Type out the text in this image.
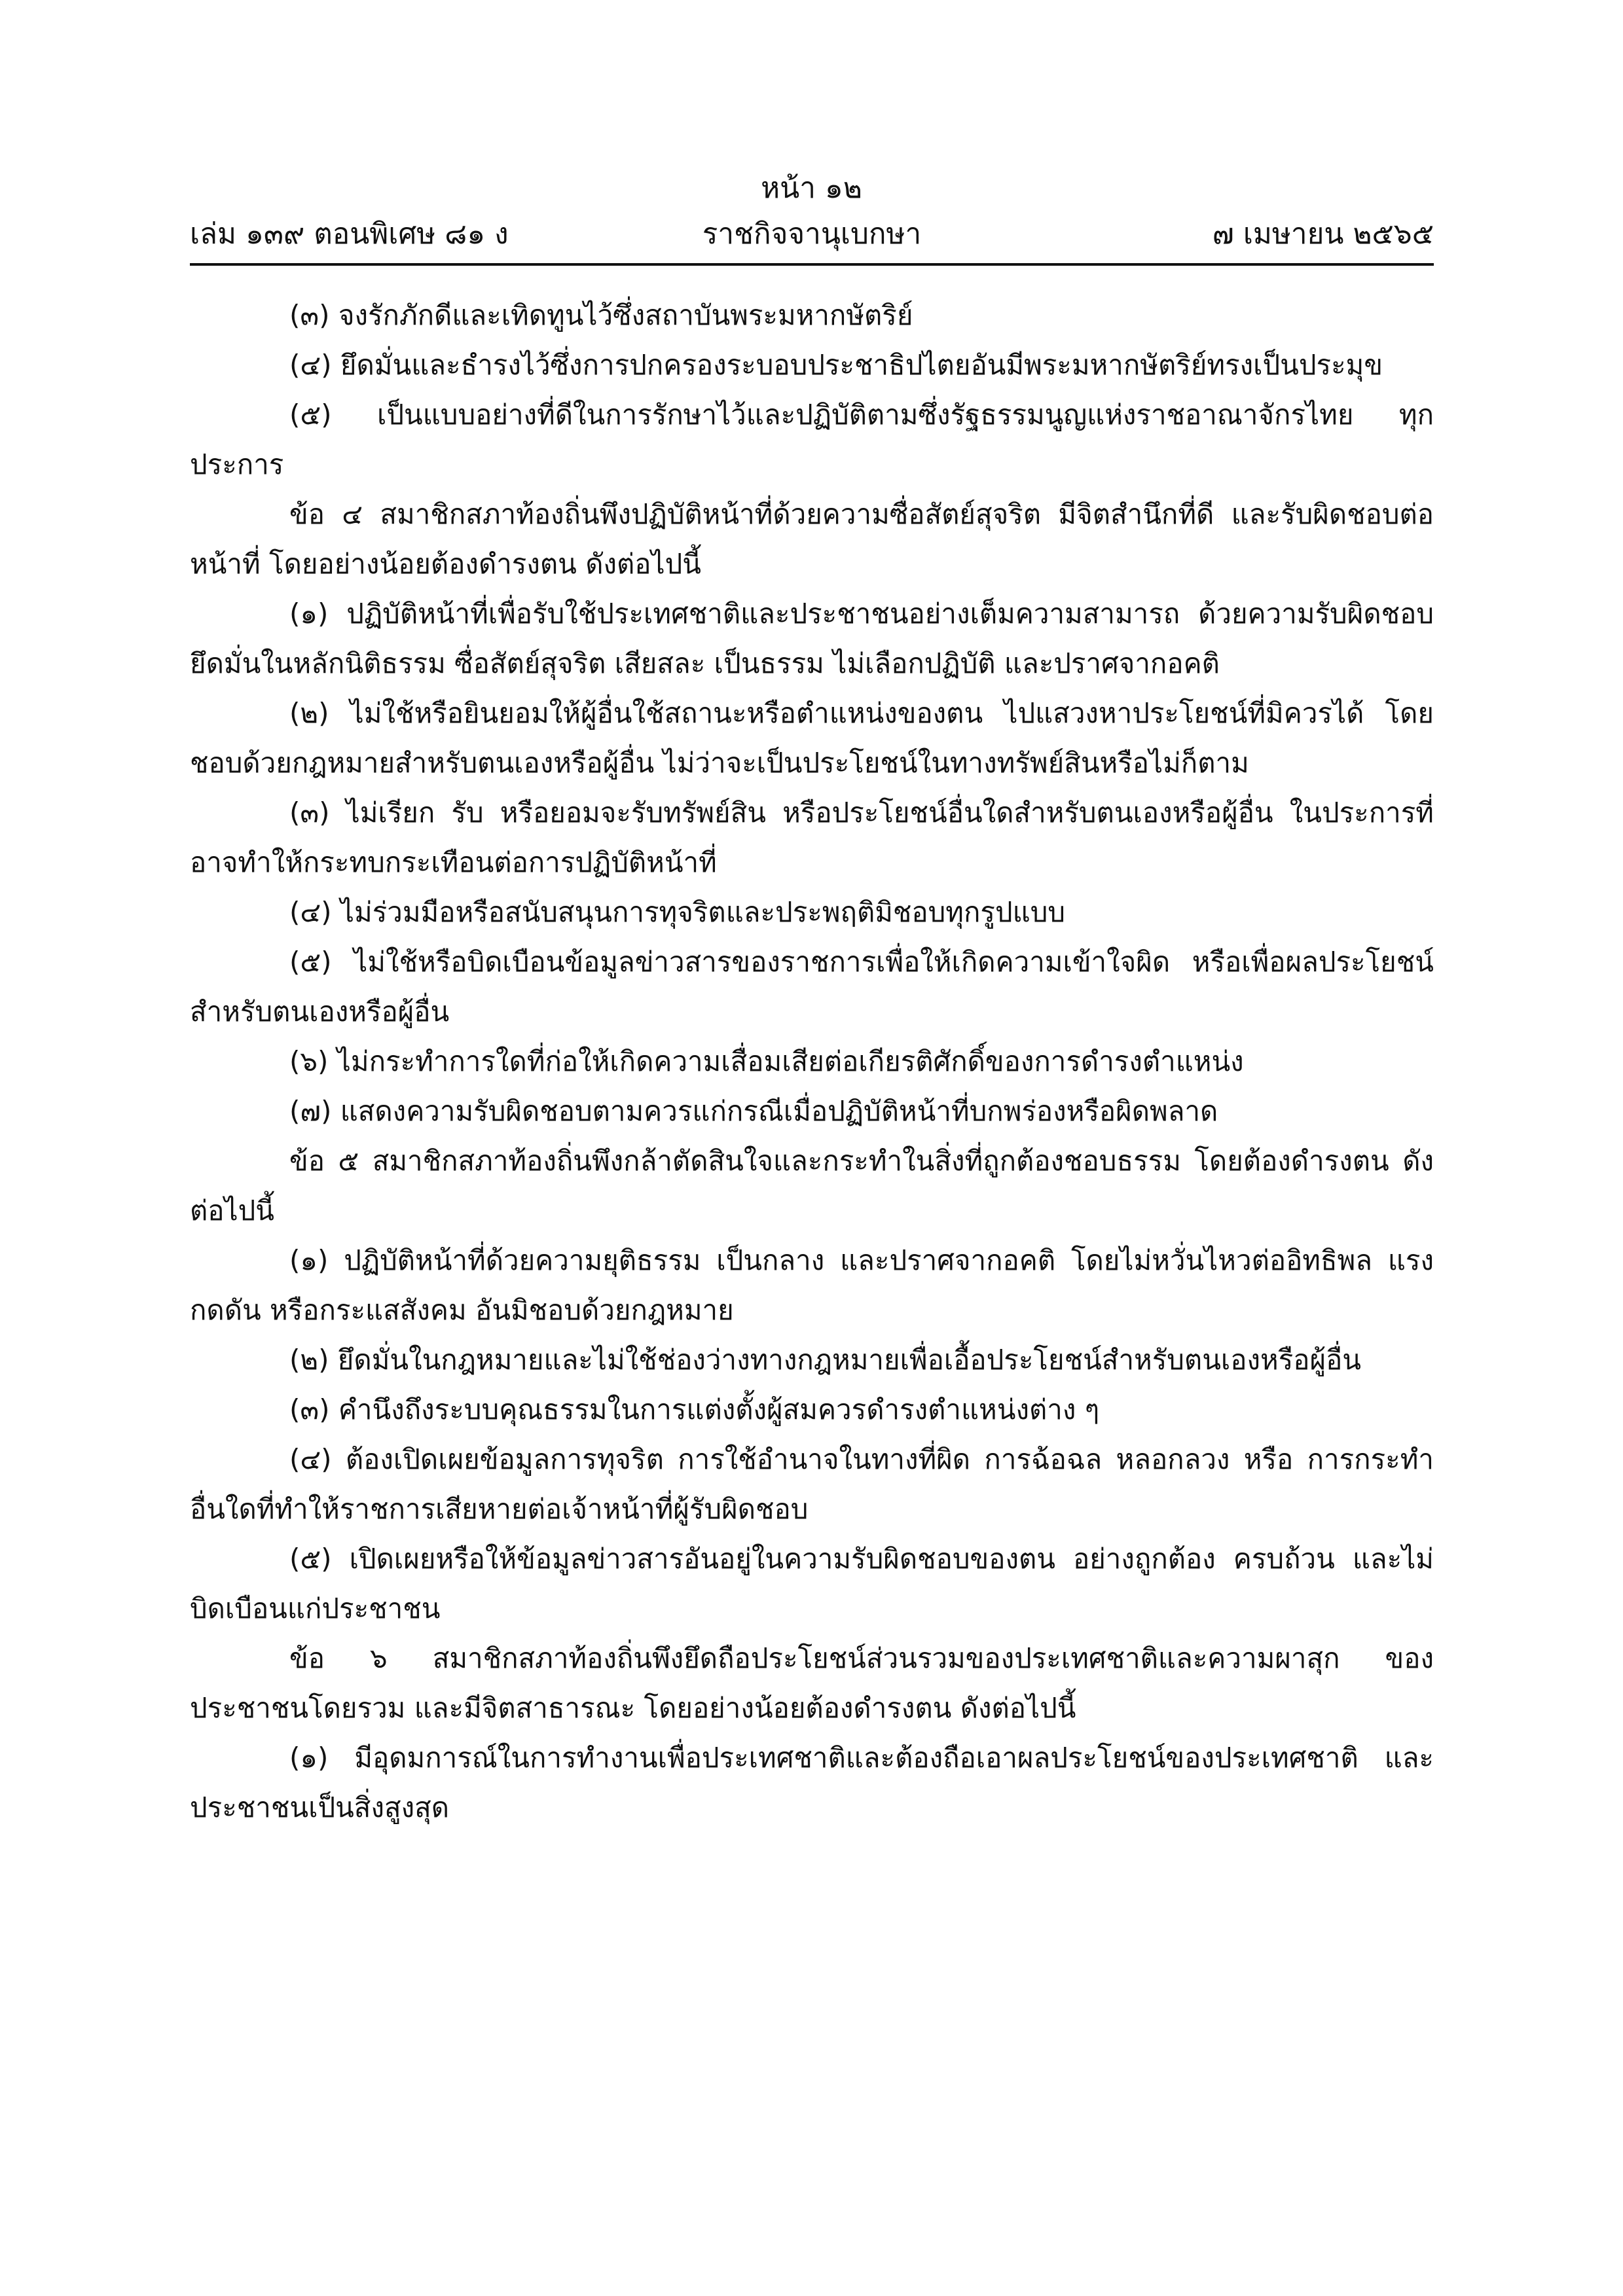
หน้า ๑๒
ราชกิจจานุเบกษา
เล่ม ๑๓๙ ตอนพิเศษ ๘๑ ง	๗ เมษายน ๒๕๖๕

(๓) จงรักภักดีและเทิดทูนไว้ซึ่งสถาบันพระมหากษัตริย์

(๔) ยึดมั่นและธำรงไว้ซึ่งการปกครองระบอบประชาธิปไตยอันมีพระมหากษัตริย์ทรงเป็นประมุข

(๕) เป็นแบบอย่างที่ดีในการรักษาไว้และปฏิบัติตามซึ่งรัฐธรรมนูญแห่งราชอาณาจักรไทย ทุกประการ

ข้อ ๔ สมาชิกสภาท้องถิ่นพึงปฏิบัติหน้าที่ด้วยความซื่อสัตย์สุจริต มีจิตสำนึกที่ดี และรับผิดชอบต่อหน้าที่ โดยอย่างน้อยต้องดำรงตน ดังต่อไปนี้

(๑) ปฏิบัติหน้าที่เพื่อรับใช้ประเทศชาติและประชาชนอย่างเต็มความสามารถ ด้วยความรับผิดชอบ ยึดมั่นในหลักนิติธรรม ซื่อสัตย์สุจริต เสียสละ เป็นธรรม ไม่เลือกปฏิบัติ และปราศจากอคติ

(๒) ไม่ใช้หรือยินยอมให้ผู้อื่นใช้สถานะหรือตำแหน่งของตน ไปแสวงหาประโยชน์ที่มิควรได้ โดยชอบด้วยกฎหมายสำหรับตนเองหรือผู้อื่น ไม่ว่าจะเป็นประโยชน์ในทางทรัพย์สินหรือไม่ก็ตาม

(๓) ไม่เรียก รับ หรือยอมจะรับทรัพย์สิน หรือประโยชน์อื่นใดสำหรับตนเองหรือผู้อื่น ในประการที่อาจทำให้กระทบกระเทือนต่อการปฏิบัติหน้าที่

(๔) ไม่ร่วมมือหรือสนับสนุนการทุจริตและประพฤติมิชอบทุกรูปแบบ

(๕) ไม่ใช้หรือบิดเบือนข้อมูลข่าวสารของราชการเพื่อให้เกิดความเข้าใจผิด หรือเพื่อผลประโยชน์ สำหรับตนเองหรือผู้อื่น

(๖) ไม่กระทำการใดที่ก่อให้เกิดความเสื่อมเสียต่อเกียรติศักดิ์ของการดำรงตำแหน่ง

(๗) แสดงความรับผิดชอบตามควรแก่กรณีเมื่อปฏิบัติหน้าที่บกพร่องหรือผิดพลาด

ข้อ ๕ สมาชิกสภาท้องถิ่นพึงกล้าตัดสินใจและกระทำในสิ่งที่ถูกต้องชอบธรรม โดยต้องดำรงตน ดังต่อไปนี้

(๑) ปฏิบัติหน้าที่ด้วยความยุติธรรม เป็นกลาง และปราศจากอคติ โดยไม่หวั่นไหวต่ออิทธิพล แรงกดดัน หรือกระแสสังคม อันมิชอบด้วยกฎหมาย

(๒) ยึดมั่นในกฎหมายและไม่ใช้ช่องว่างทางกฎหมายเพื่อเอื้อประโยชน์สำหรับตนเองหรือผู้อื่น

(๓) คำนึงถึงระบบคุณธรรมในการแต่งตั้งผู้สมควรดำรงตำแหน่งต่าง ๆ

(๔) ต้องเปิดเผยข้อมูลการทุจริต การใช้อำนาจในทางที่ผิด การฉ้อฉล หลอกลวง หรือ การกระทำอื่นใดที่ทำให้ราชการเสียหายต่อเจ้าหน้าที่ผู้รับผิดชอบ

(๕) เปิดเผยหรือให้ข้อมูลข่าวสารอันอยู่ในความรับผิดชอบของตน อย่างถูกต้อง ครบถ้วน และไม่บิดเบือนแก่ประชาชน

ข้อ ๖ สมาชิกสภาท้องถิ่นพึงยึดถือประโยชน์ส่วนรวมของประเทศชาติและความผาสุก ของประชาชนโดยรวม และมีจิตสาธารณะ โดยอย่างน้อยต้องดำรงตน ดังต่อไปนี้

(๑) มีอุดมการณ์ในการทำงานเพื่อประเทศชาติและต้องถือเอาผลประโยชน์ของประเทศชาติ และประชาชนเป็นสิ่งสูงสุด
